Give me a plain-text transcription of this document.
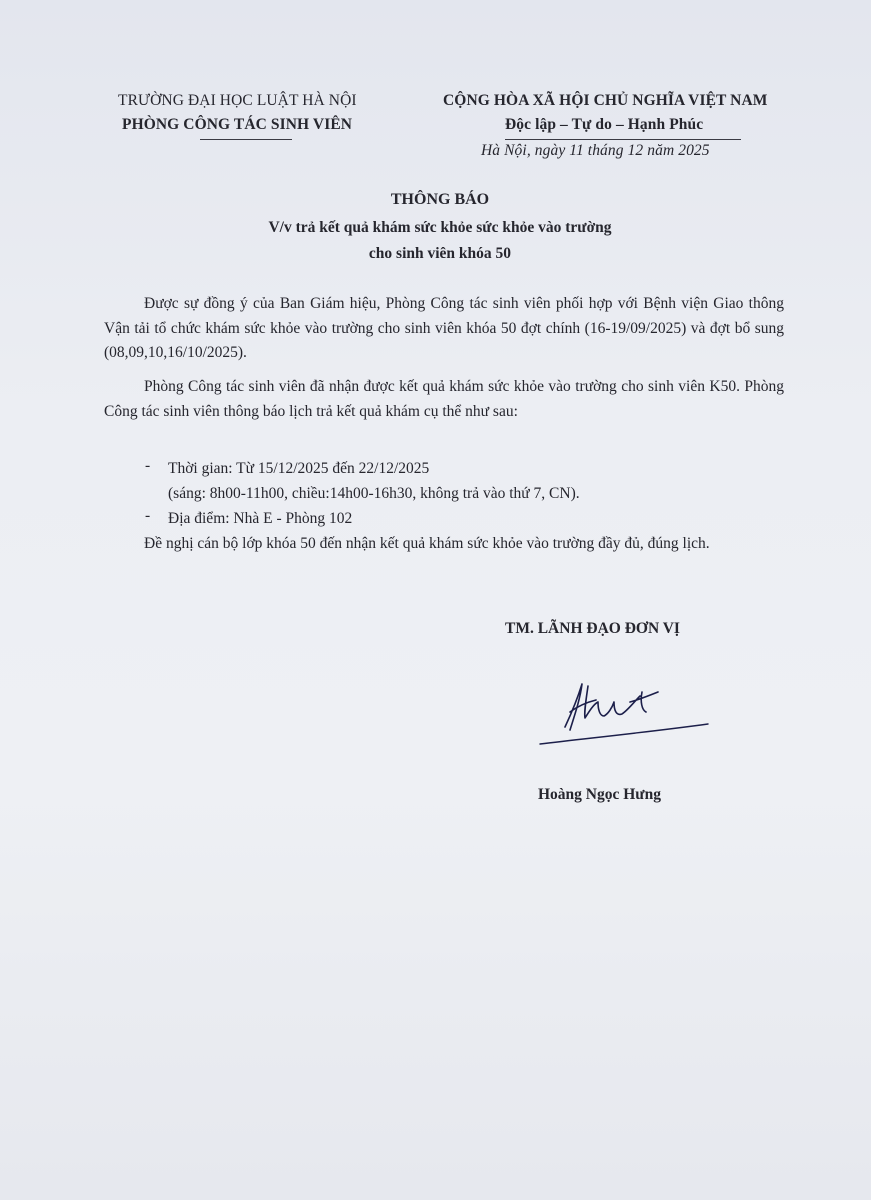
TRƯỜNG ĐẠI HỌC LUẬT HÀ NỘI

PHÒNG CÔNG TÁC SINH VIÊN

CỘNG HÒA XÃ HỘI CHỦ NGHĨA VIỆT NAM

Độc lập – Tự do – Hạnh Phúc

Hà Nội, ngày 11 tháng 12 năm 2025

THÔNG BÁO

V/v trả kết quả khám sức khỏe sức khỏe vào trường

cho sinh viên khóa 50

Được sự đồng ý của Ban Giám hiệu, Phòng Công tác sinh viên phối hợp với Bệnh viện Giao thông Vận tải tổ chức khám sức khỏe vào trường cho sinh viên khóa 50 đợt chính (16-19/09/2025) và đợt bổ sung (08,09,10,16/10/2025).

Phòng Công tác sinh viên đã nhận được kết quả khám sức khỏe vào trường cho sinh viên K50. Phòng Công tác sinh viên thông báo lịch trả kết quả khám cụ thể như sau:

- Thời gian: Từ 15/12/2025 đến 22/12/2025

(sáng: 8h00-11h00, chiều:14h00-16h30, không trả vào thứ 7, CN).

- Địa điểm: Nhà E - Phòng 102

Đề nghị cán bộ lớp khóa 50 đến nhận kết quả khám sức khỏe vào trường đầy đủ, đúng lịch.

TM. LÃNH ĐẠO ĐƠN VỊ

Hoàng Ngọc Hưng
